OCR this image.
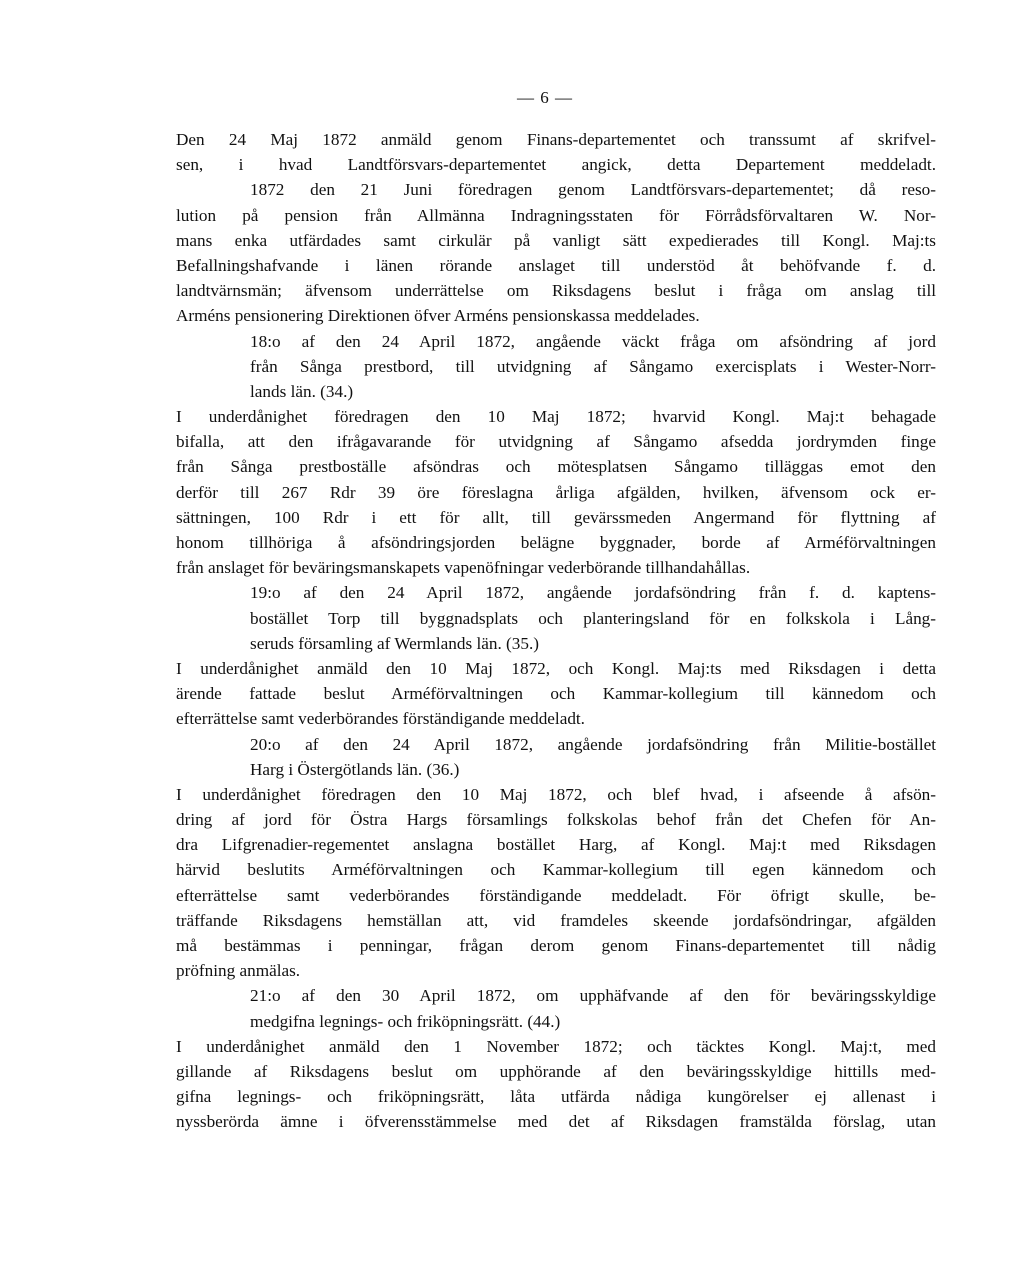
— 6 —
Den 24 Maj 1872 anmäld genom Finans-departementet och transsumt af skrifvel-
sen, i hvad Landtförsvars-departementet angick, detta Departement meddeladt.
1872 den 21 Juni föredragen genom Landtförsvars-departementet; då reso-
lution på pension från Allmänna Indragningsstaten för Förrådsförvaltaren W. Nor-
mans enka utfärdades samt cirkulär på vanligt sätt expedierades till Kongl. Maj:ts
Befallningshafvande i länen rörande anslaget till understöd åt behöfvande f. d.
landtvärnsmän; äfvensom underrättelse om Riksdagens beslut i fråga om anslag till
Arméns pensionering Direktionen öfver Arméns pensionskassa meddelades.
18:o af den 24 April 1872, angående väckt fråga om afsöndring af jord
från Sånga prestbord, till utvidgning af Sångamo exercisplats i Wester-Norr-
lands län. (34.)
I underdånighet föredragen den 10 Maj 1872; hvarvid Kongl. Maj:t behagade
bifalla, att den ifrågavarande för utvidgning af Sångamo afsedda jordrymden finge
från Sånga prestboställe afsöndras och mötesplatsen Sångamo tilläggas emot den
derför till 267 Rdr 39 öre föreslagna årliga afgälden, hvilken, äfvensom ock er-
sättningen, 100 Rdr i ett för allt, till gevärssmeden Angermand för flyttning af
honom tillhöriga å afsöndringsjorden belägne byggnader, borde af Arméförvaltningen
från anslaget för beväringsmanskapets vapenöfningar vederbörande tillhandahållas.
19:o af den 24 April 1872, angående jordafsöndring från f. d. kaptens-
bostället Torp till byggnadsplats och planteringsland för en folkskola i Lång-
seruds församling af Wermlands län. (35.)
I underdånighet anmäld den 10 Maj 1872, och Kongl. Maj:ts med Riksdagen i detta
ärende fattade beslut Arméförvaltningen och Kammar-kollegium till kännedom och
efterrättelse samt vederbörandes förständigande meddeladt.
20:o af den 24 April 1872, angående jordafsöndring från Militie-bostället
Harg i Östergötlands län. (36.)
I underdånighet föredragen den 10 Maj 1872, och blef hvad, i afseende å afsön-
dring af jord för Östra Hargs församlings folkskolas behof från det Chefen för An-
dra Lifgrenadier-regementet anslagna bostället Harg, af Kongl. Maj:t med Riksdagen
härvid beslutits Arméförvaltningen och Kammar-kollegium till egen kännedom och
efterrättelse samt vederbörandes förständigande meddeladt. För öfrigt skulle, be-
träffande Riksdagens hemställan att, vid framdeles skeende jordafsöndringar, afgälden
må bestämmas i penningar, frågan derom genom Finans-departementet till nådig
pröfning anmälas.
21:o af den 30 April 1872, om upphäfvande af den för beväringsskyldige
medgifna legnings- och friköpningsrätt. (44.)
I underdånighet anmäld den 1 November 1872; och täcktes Kongl. Maj:t, med
gillande af Riksdagens beslut om upphörande af den beväringsskyldige hittills med-
gifna legnings- och friköpningsrätt, låta utfärda nådiga kungörelser ej allenast i
nyssberörda ämne i öfverensstämmelse med det af Riksdagen framstälda förslag, utan
